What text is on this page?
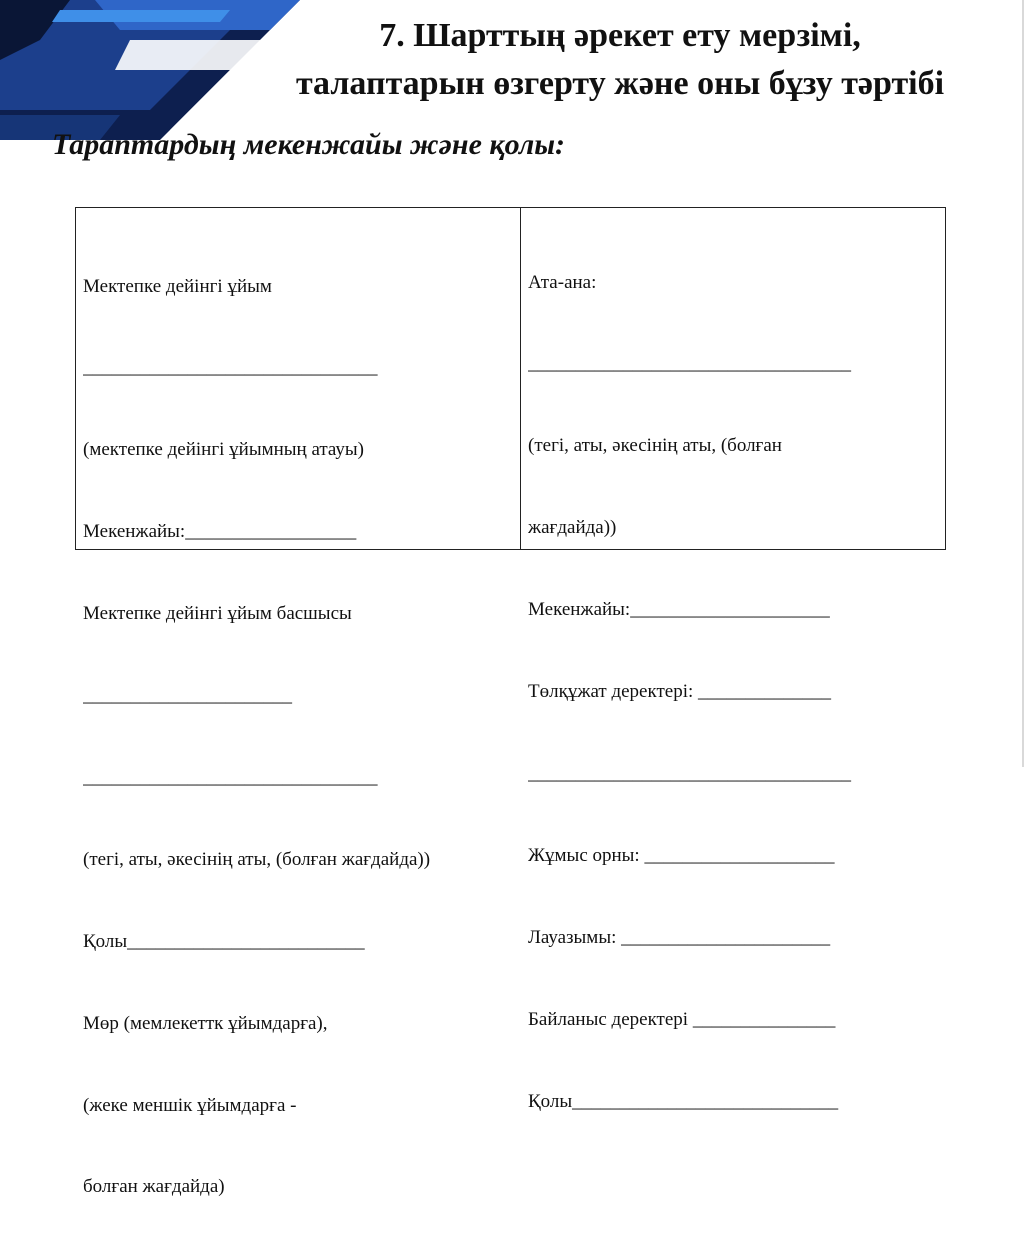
7. Шарттың әрекет ету мерзімі,
талаптарын өзгерту және оны бұзу тәртібі
Тараптардың мекенжайы және қолы:

Мектепке дейінгі ұйым

_______________________________

(мектепке дейінгі ұйымның атауы)

Мекенжайы:__________________

Мектепке дейінгі ұйым басшысы

______________________

_______________________________

(тегі, аты, әкесінің аты, (болған жағдайда))

Қолы_________________________

Мөр (мемлекеттк ұйымдарға),

(жеке меншік ұйымдарға -

болған жағдайда)

Ата-ана:

__________________________________

(тегі, аты, әкесінің аты, (болған

жағдайда))

Мекенжайы:_____________________

Төлқұжат деректері: ______________

__________________________________

Жұмыс орны: ____________________

Лауазымы: ______________________

Байланыс деректері _______________

Қолы____________________________
